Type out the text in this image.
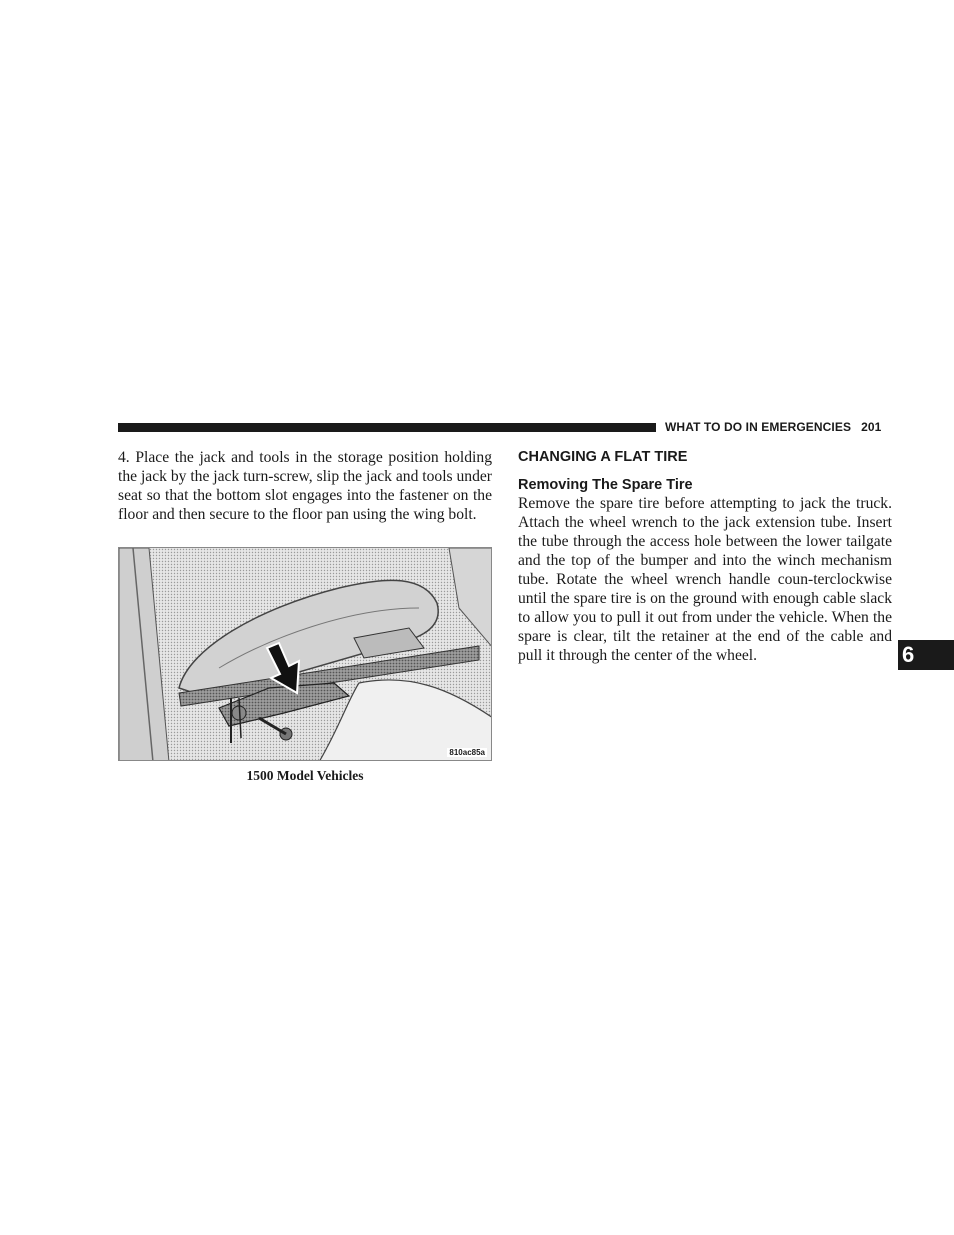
WHAT TO DO IN EMERGENCIES 201

4. Place the jack and tools in the storage position holding the jack by the jack turn-screw, slip the jack and tools under seat so that the bottom slot engages into the fastener on the floor and then secure to the floor pan using the wing bolt.

810ac85a
1500 Model Vehicles
CHANGING A FLAT TIRE
Removing The Spare Tire

Remove the spare tire before attempting to jack the truck. Attach the wheel wrench to the jack extension tube. Insert the tube through the access hole between the lower tailgate and the top of the bumper and into the winch mechanism tube. Rotate the wheel wrench handle coun-terclockwise until the spare tire is on the ground with enough cable slack to allow you to pull it out from under the vehicle. When the spare is clear, tilt the retainer at the end of the cable and pull it through the center of the wheel.	6
